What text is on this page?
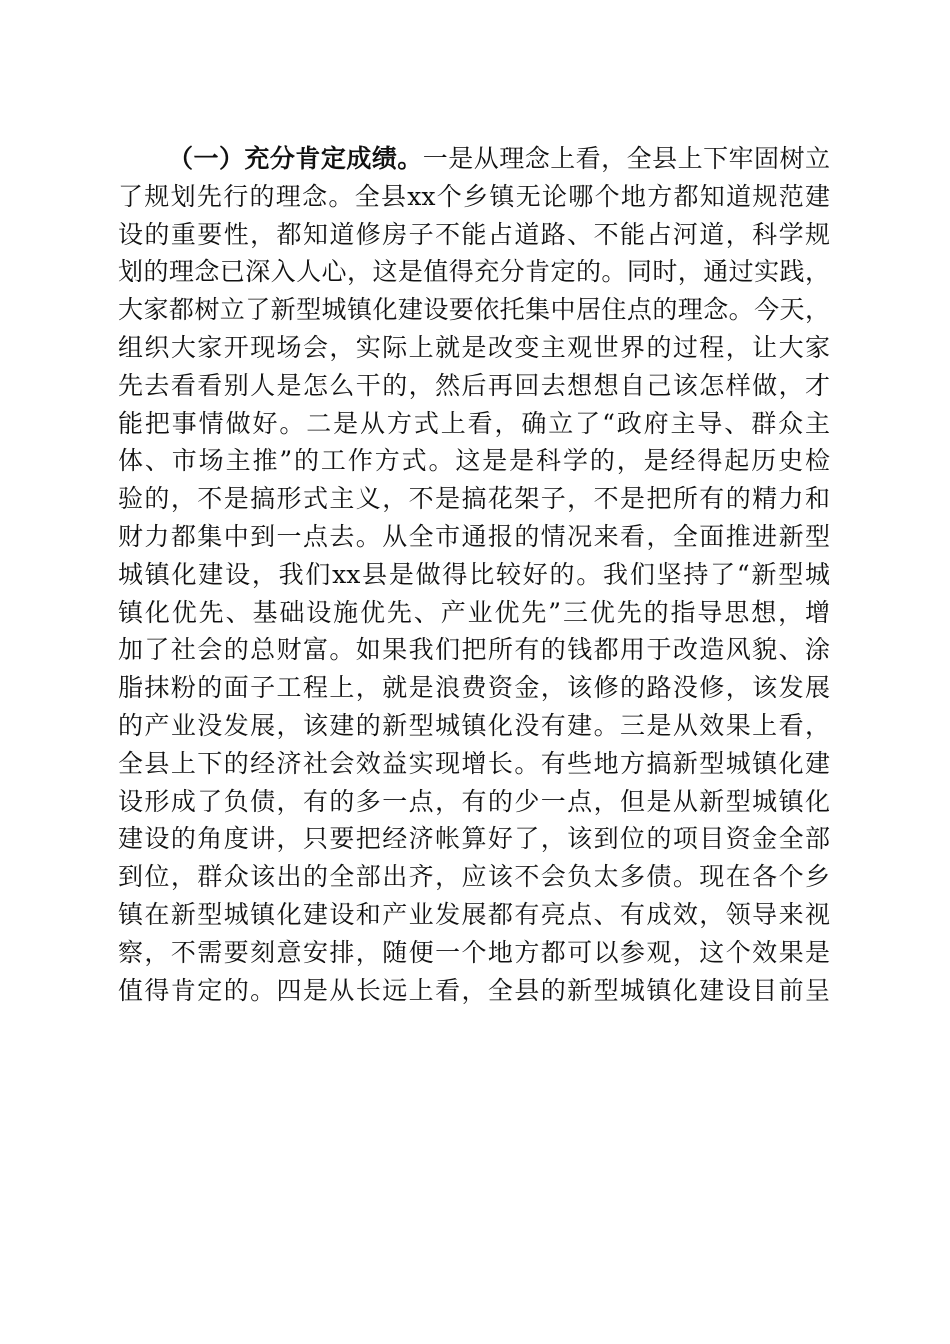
（一）充分肯定成绩。一是从理念上看，全县上下牢固树立
了规划先行的理念。全县xx个乡镇无论哪个地方都知道规范建
设的重要性，都知道修房子不能占道路、不能占河道，科学规
划的理念已深入人心，这是值得充分肯定的。同时，通过实践，
大家都树立了新型城镇化建设要依托集中居住点的理念。今天，
组织大家开现场会，实际上就是改变主观世界的过程，让大家
先去看看别人是怎么干的，然后再回去想想自己该怎样做，才
能把事情做好。二是从方式上看，确立了“政府主导、群众主
体、市场主推”的工作方式。这是是科学的，是经得起历史检
验的，不是搞形式主义，不是搞花架子，不是把所有的精力和
财力都集中到一点去。从全市通报的情况来看，全面推进新型
城镇化建设，我们xx县是做得比较好的。我们坚持了“新型城
镇化优先、基础设施优先、产业优先”三优先的指导思想，增
加了社会的总财富。如果我们把所有的钱都用于改造风貌、涂
脂抹粉的面子工程上，就是浪费资金，该修的路没修，该发展
的产业没发展，该建的新型城镇化没有建。三是从效果上看，
全县上下的经济社会效益实现增长。有些地方搞新型城镇化建
设形成了负债，有的多一点，有的少一点，但是从新型城镇化
建设的角度讲，只要把经济帐算好了，该到位的项目资金全部
到位，群众该出的全部出齐，应该不会负太多债。现在各个乡
镇在新型城镇化建设和产业发展都有亮点、有成效，领导来视
察，不需要刻意安排，随便一个地方都可以参观，这个效果是
值得肯定的。四是从长远上看，全县的新型城镇化建设目前呈
